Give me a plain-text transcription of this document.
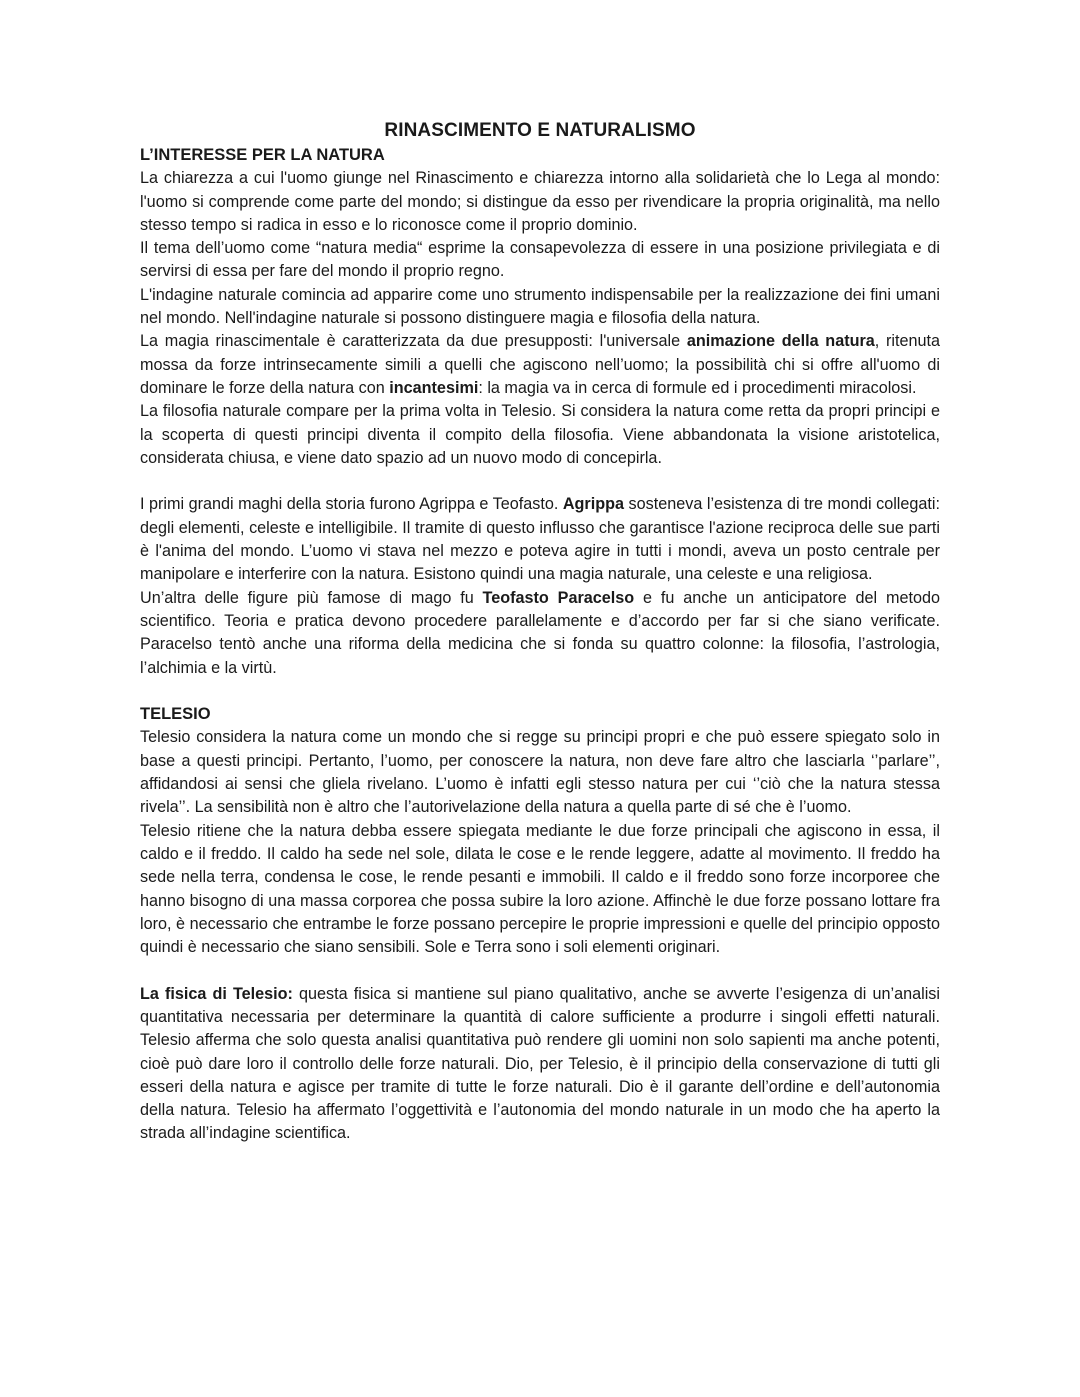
RINASCIMENTO E NATURALISMO
L’INTERESSE PER LA NATURA

La chiarezza a cui l'uomo giunge nel Rinascimento e chiarezza intorno alla solidarietà che lo Lega al mondo: l'uomo si comprende come parte del mondo; si distingue da esso per rivendicare la propria originalità, ma nello stesso tempo si radica in esso e lo riconosce come il proprio dominio.

Il tema dell’uomo come “natura media“ esprime la consapevolezza di essere in una posizione privilegiata e di servirsi di essa per fare del mondo il proprio regno.

L'indagine naturale comincia ad apparire come uno strumento indispensabile per la realizzazione dei fini umani nel mondo. Nell'indagine naturale si possono distinguere magia e filosofia della natura.

La magia rinascimentale è caratterizzata da due presupposti: l'universale animazione della natura, ritenuta mossa da forze intrinsecamente simili a quelli che agiscono nell’uomo; la possibilità chi si offre all'uomo di dominare le forze della natura con incantesimi: la magia va in cerca di formule ed i procedimenti miracolosi.

La filosofia naturale compare per la prima volta in Telesio. Si considera la natura come retta da propri principi e la scoperta di questi principi diventa il compito della filosofia. Viene abbandonata la visione aristotelica, considerata chiusa, e viene dato spazio ad un nuovo modo di concepirla.

I primi grandi maghi della storia furono Agrippa e Teofasto. Agrippa sosteneva l’esistenza di tre mondi collegati: degli elementi, celeste e intelligibile. Il tramite di questo influsso che garantisce l'azione reciproca delle sue parti è l'anima del mondo. L’uomo vi stava nel mezzo e poteva agire in tutti i mondi, aveva un posto centrale per manipolare e interferire con la natura. Esistono quindi una magia naturale, una celeste e una religiosa.

Un’altra delle figure più famose di mago fu Teofasto Paracelso e fu anche un anticipatore del metodo scientifico. Teoria e pratica devono procedere parallelamente e d’accordo per far si che siano verificate. Paracelso tentò anche una riforma della medicina che si fonda su quattro colonne: la filosofia, l’astrologia, l’alchimia e la virtù.

TELESIO

Telesio considera la natura come un mondo che si regge su principi propri e che può essere spiegato solo in base a questi principi. Pertanto, l’uomo, per conoscere la natura, non deve fare altro che lasciarla ‘’parlare’’, affidandosi ai sensi che gliela rivelano. L’uomo è infatti egli stesso natura per cui ‘’ciò che la natura stessa rivela’’. La sensibilità non è altro che l’autorivelazione della natura a quella parte di sé che è l’uomo.

Telesio ritiene che la natura debba essere spiegata mediante le due forze principali che agiscono in essa, il caldo e il freddo. Il caldo ha sede nel sole, dilata le cose e le rende leggere, adatte al movimento. Il freddo ha sede nella terra, condensa le cose, le rende pesanti e immobili. Il caldo e il freddo sono forze incorporee che hanno bisogno di una massa corporea che possa subire la loro azione. Affinchè le due forze possano lottare fra loro, è necessario che entrambe le forze possano percepire le proprie impressioni e quelle del principio opposto quindi è necessario che siano sensibili. Sole e Terra sono i soli elementi originari.

La fisica di Telesio: questa fisica si mantiene sul piano qualitativo, anche se avverte l’esigenza di un’analisi quantitativa necessaria per determinare la quantità di calore sufficiente a produrre i singoli effetti naturali. Telesio afferma che solo questa analisi quantitativa può rendere gli uomini non solo sapienti ma anche potenti, cioè può dare loro il controllo delle forze naturali. Dio, per Telesio, è il principio della conservazione di tutti gli esseri della natura e agisce per tramite di tutte le forze naturali. Dio è il garante dell’ordine e dell’autonomia della natura. Telesio ha affermato l’oggettività e l’autonomia del mondo naturale in un modo che ha aperto la strada all’indagine scientifica.
